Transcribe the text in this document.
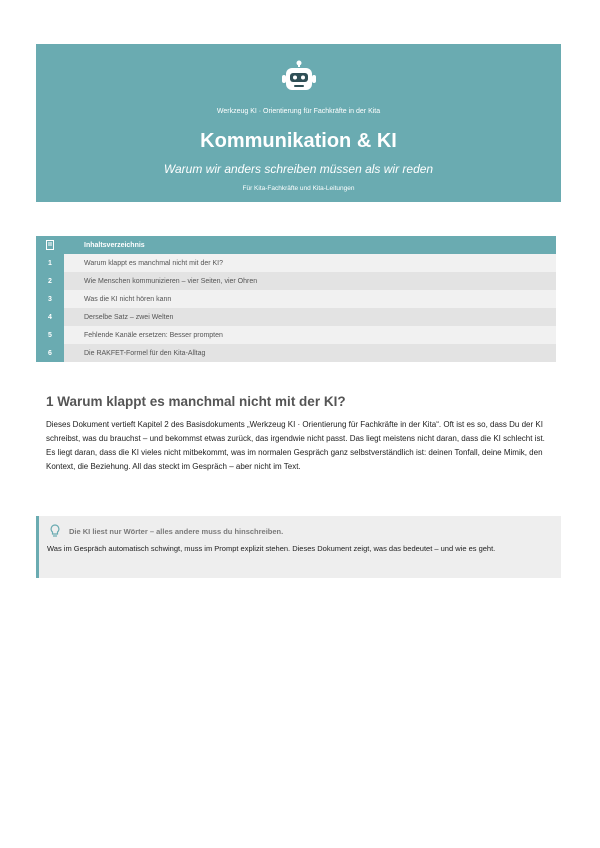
Werkzeug KI · Orientierung für Fachkräfte in der Kita
Kommunikation & KI
Warum wir anders schreiben müssen als wir reden
Für Kita-Fachkräfte und Kita-Leitungen
Inhaltsverzeichnis
1	Warum klappt es manchmal nicht mit der KI?
2	Wie Menschen kommunizieren – vier Seiten, vier Ohren
3	Was die KI nicht hören kann
4	Derselbe Satz – zwei Welten
5	Fehlende Kanäle ersetzen: Besser prompten
6	Die RAKFET-Formel für den Kita-Alltag
1 Warum klappt es manchmal nicht mit der KI?
Dieses Dokument vertieft Kapitel 2 des Basisdokuments „Werkzeug KI · Orientierung für Fachkräfte in der Kita“. Oft ist es so, dass Du der KI schreibst, was du brauchst – und bekommst etwas zurück, das irgendwie nicht passt. Das liegt meistens nicht daran, dass die KI schlecht ist. Es liegt daran, dass die KI vieles nicht mitbekommt, was im normalen Gespräch ganz selbstverständlich ist: deinen Tonfall, deine Mimik, den Kontext, die Beziehung. All das steckt im Gespräch – aber nicht im Text.
Die KI liest nur Wörter – alles andere muss du hinschreiben.
Was im Gespräch automatisch schwingt, muss im Prompt explizit stehen. Dieses Dokument zeigt, was das bedeutet – und wie es geht.
